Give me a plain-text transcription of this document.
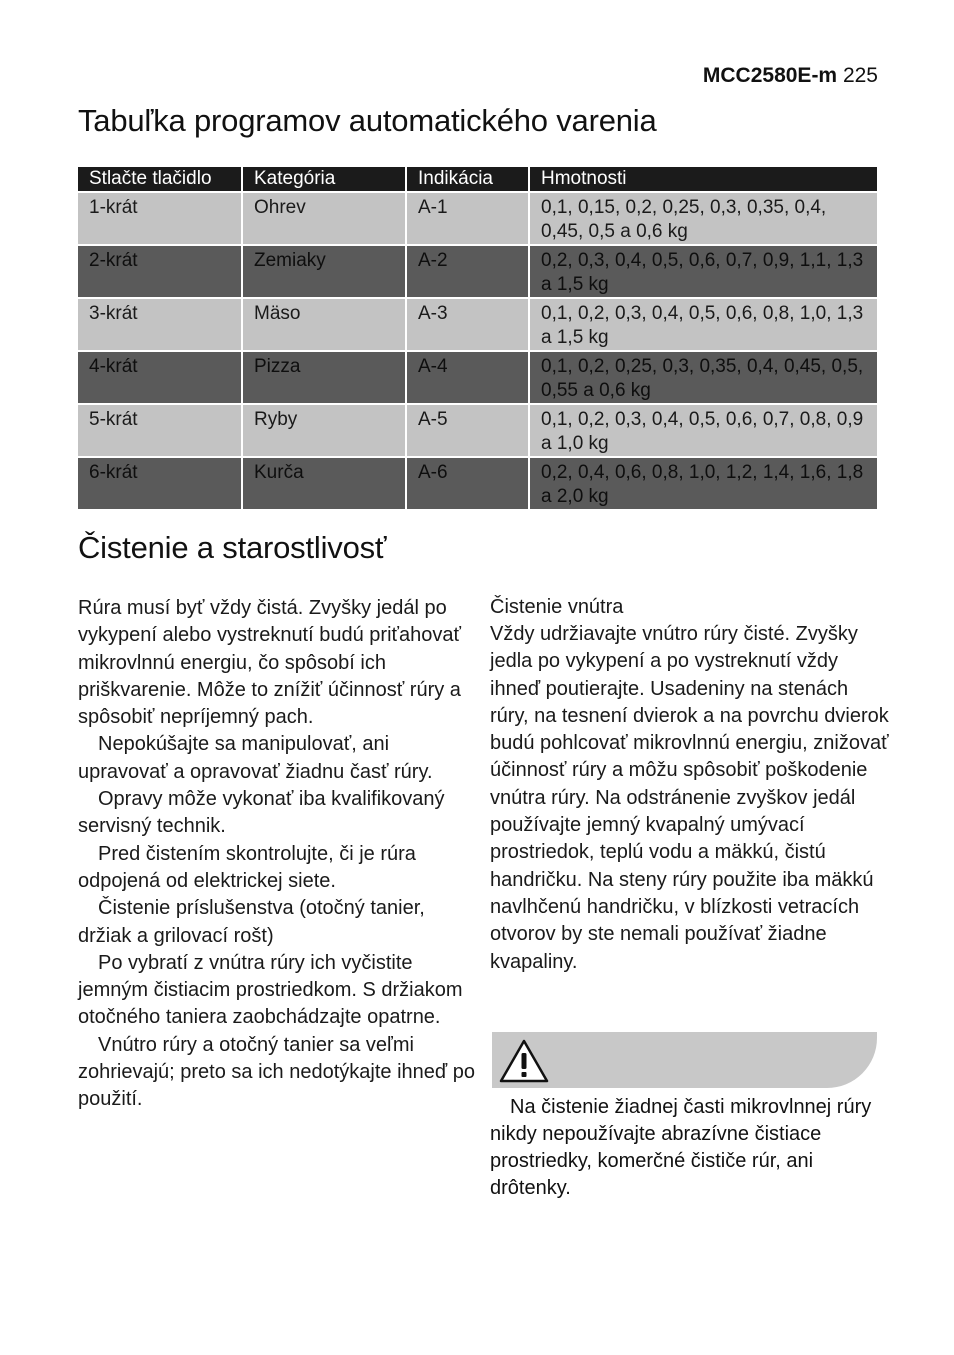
MCC2580E-m 225
Tabuľka programov automatického varenia
Stlačte tlačidlo	Kategória	Indikácia	Hmotnosti
1-krát	Ohrev	A-1	0,1, 0,15, 0,2, 0,25, 0,3, 0,35, 0,4, 0,45, 0,5 a 0,6 kg
2-krát	Zemiaky	A-2	0,2, 0,3, 0,4, 0,5, 0,6, 0,7, 0,9, 1,1, 1,3 a 1,5 kg
3-krát	Mäso	A-3	0,1, 0,2, 0,3, 0,4, 0,5, 0,6, 0,8, 1,0, 1,3 a 1,5 kg
4-krát	Pizza	A-4	0,1, 0,2, 0,25, 0,3, 0,35, 0,4, 0,45, 0,5, 0,55 a 0,6 kg
5-krát	Ryby	A-5	0,1, 0,2, 0,3, 0,4, 0,5, 0,6, 0,7, 0,8, 0,9 a 1,0 kg
6-krát	Kurča	A-6	0,2, 0,4, 0,6, 0,8, 1,0, 1,2, 1,4, 1,6, 1,8 a 2,0 kg
Čistenie a starostlivosť

Rúra musí byť vždy čistá. Zvyšky jedál po vykypení alebo vystreknutí budú priťahovať mikrovlnnú energiu, čo spôsobí ich priškvarenie. Môže to znížiť účinnosť rúry a spôsobiť nepríjemný pach.

Nepokúšajte sa manipulovať, ani upravovať a opravovať žiadnu časť rúry.

Opravy môže vykonať iba kvalifikovaný servisný technik.

Pred čistením skontrolujte, či je rúra odpojená od elektrickej siete.

Čistenie príslušenstva (otočný tanier, držiak a grilovací rošt)

Po vybratí z vnútra rúry ich vyčistite jemným čistiacim prostriedkom. S držiakom otočného taniera zaobchádzajte opatrne.

Vnútro rúry a otočný tanier sa veľmi zohrievajú; preto sa ich nedotýkajte ihneď po použití.

Čistenie vnútra

Vždy udržiavajte vnútro rúry čisté. Zvyšky jedla po vykypení a po vystreknutí vždy ihneď poutierajte. Usadeniny na stenách rúry, na tesnení dvierok a na povrchu dvierok budú pohlcovať mikrovlnnú energiu, znižovať účinnosť rúry a môžu spôsobiť poškodenie vnútra rúry. Na odstránenie zvyškov jedál používajte jemný kvapalný umývací prostriedok, teplú vodu a mäkkú, čistú handričku. Na steny rúry použite iba mäkkú navlhčenú handričku, v blízkosti vetracích otvorov by ste nemali používať žiadne kvapaliny.

Na čistenie žiadnej časti mikrovlnnej rúry nikdy nepoužívajte abrazívne čistiace prostriedky, komerčné čističe rúr, ani drôtenky.
